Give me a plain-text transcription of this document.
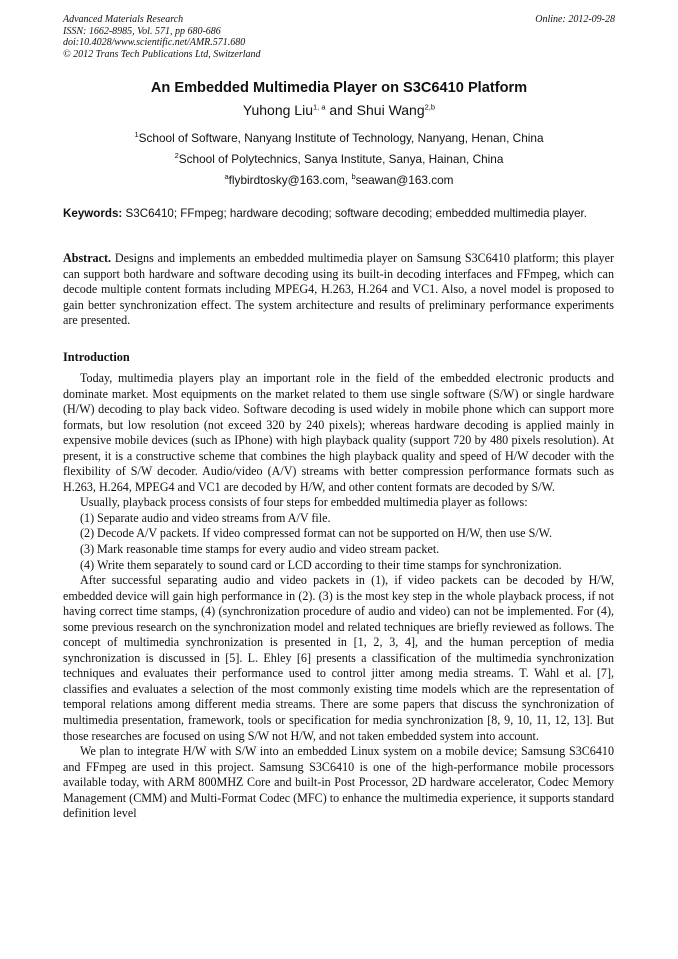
Advanced Materials Research
ISSN: 1662-8985, Vol. 571, pp 680-686
doi:10.4028/www.scientific.net/AMR.571.680
© 2012 Trans Tech Publications Ltd, Switzerland
Online: 2012-09-28
An Embedded Multimedia Player on S3C6410 Platform
Yuhong Liu$^{1, a}$ and Shui Wang$^{2,b}$
$^1$School of Software, Nanyang Institute of Technology, Nanyang, Henan, China
$^2$School of Polytechnics, Sanya Institute, Sanya, Hainan, China
$^a$flybirdtosky@163.com, $^b$seawan@163.com
Keywords: S3C6410; FFmpeg; hardware decoding; software decoding; embedded multimedia player.
Abstract. Designs and implements an embedded multimedia player on Samsung S3C6410 platform; this player can support both hardware and software decoding using its built-in decoding interfaces and FFmpeg, which can decode multiple content formats including MPEG4, H.263, H.264 and VC1. Also, a novel model is proposed to gain better synchronization effect. The system architecture and results of preliminary performance experiments are presented.
Introduction

Today, multimedia players play an important role in the field of the embedded electronic products and dominate market. Most equipments on the market related to them use single software (S/W) or single hardware (H/W) decoding to play back video. Software decoding is used widely in mobile phone which can support more formats, but low resolution (not exceed 320 by 240 pixels); whereas hardware decoding is applied mainly in expensive mobile devices (such as IPhone) with high playback quality (support 720 by 480 pixels resolution). At present, it is a constructive scheme that combines the high playback quality and speed of H/W decoder with the flexibility of S/W decoder. Audio/video (A/V) streams with better compression performance formats such as H.263, H.264, MPEG4 and VC1 are decoded by H/W, and other content formats are decoded by S/W.

Usually, playback process consists of four steps for embedded multimedia player as follows:

(1) Separate audio and video streams from A/V file.
(2) Decode A/V packets. If video compressed format can not be supported on H/W, then use S/W.
(3) Mark reasonable time stamps for every audio and video stream packet.
(4) Write them separately to sound card or LCD according to their time stamps for synchronization.

After successful separating audio and video packets in (1), if video packets can be decoded by H/W, embedded device will gain high performance in (2). (3) is the most key step in the whole playback process, if not having correct time stamps, (4) (synchronization procedure of audio and video) can not be implemented. For (4), some previous research on the synchronization model and related techniques are briefly reviewed as follows. The concept of multimedia synchronization is presented in [1, 2, 3, 4], and the human perception of media synchronization is discussed in [5]. L. Ehley [6] presents a classification of the multimedia synchronization techniques and evaluates their performance used to control jitter among media streams. T. Wahl et al. [7], classifies and evaluates a selection of the most commonly existing time models which are the representation of temporal relations among different media streams. There are some papers that discuss the synchronization of multimedia presentation, framework, tools or specification for media synchronization [8, 9, 10, 11, 12, 13]. But those researches are focused on using S/W not H/W, and not taken embedded system into account.

We plan to integrate H/W with S/W into an embedded Linux system on a mobile device; Samsung S3C6410 and FFmpeg are used in this project. Samsung S3C6410 is one of the high-performance mobile processors available today, with ARM 800MHZ Core and built-in Post Processor, 2D hardware accelerator, Codec Memory Management (CMM) and Multi-Format Codec (MFC) to enhance the multimedia experience, it supports standard definition level
